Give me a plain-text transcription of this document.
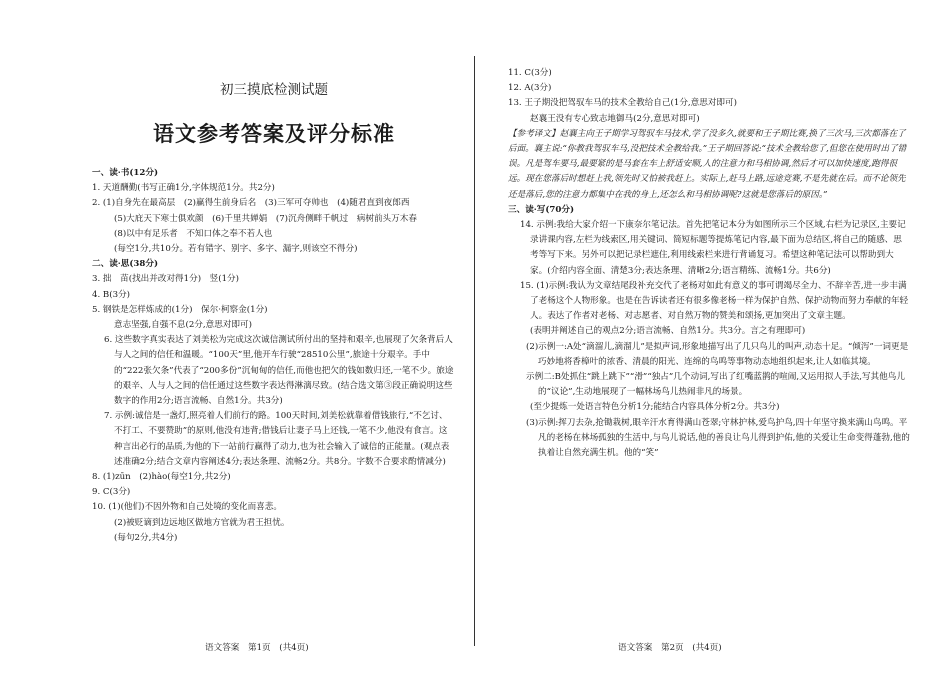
初三摸底检测试题
语文参考答案及评分标准
一、读·书(12分)
1. 天道酬勤(书写正确1分,字体规范1分。共2分)
2. (1)自身先在最高层　(2)赢得生前身后名　(3)三军可夺帅也　(4)随君直到夜郎西
(5)大庇天下寒士俱欢颜　(6)千里共婵娟　(7)沉舟侧畔千帆过　病树前头万木春
(8)以中有足乐者　不知口体之奉不若人也
(每空1分,共10分。若有错字、别字、多字、漏字,则该空不得分)
二、读·思(38分)
3. 拙　苗(找出并改对得1分)　竖(1分)
4. B(3分)
5. 钢铁是怎样炼成的(1分)　保尔·柯察金(1分)
意志坚强,自强不息(2分,意思对即可)
6. 这些数字真实表达了刘美松为完成这次诚信测试所付出的坚持和艰辛,也展现了欠条背后人与人之间的信任和温暖。“100天”里,他开车行驶“28510公里”,旅途十分艰辛。手中的“222张欠条”代表了“200多份”沉甸甸的信任,而他也把欠的钱如数归还,一笔不少。旅途的艰辛、人与人之间的信任通过这些数字表达得淋漓尽致。(结合选文第③段正确说明这些数字的作用2分;语言流畅、自然1分。共3分)
7. 示例:诚信是一盏灯,照亮着人们前行的路。100天时间,刘美松就靠着借钱旅行,“不乞讨、不打工、不要赞助”的原则,他没有违背;借钱后让妻子马上还钱,一笔不少,他没有食言。这种言出必行的品质,为他的下一站前行赢得了动力,也为社会输入了诚信的正能量。(观点表述准确2分;结合文章内容阐述4分;表达条理、流畅2分。共8分。字数不合要求酌情减分)
8. (1)zūn　(2)hào(每空1分,共2分)
9. C(3分)
10. (1)(他们)不因外物和自己处境的变化而喜悲。
(2)被贬谪到边远地区做地方官就为君王担忧。
(每句2分,共4分)
语文答案　第1页　(共4页)
11. C(3分)
12. A(3分)
13. 王子期没把驾驭车马的技术全教给自己(1分,意思对即可)
赵襄王没有专心致志地御马(2分,意思对即可)
【参考译文】赵襄主向王子期学习驾驭车马技术,学了没多久,就要和王子期比赛,换了三次马,三次都落在了后面。襄主说:“你教我驾驭车马,没把技术全教给我。”王子期回答说:“技术全教给您了,但您在使用时出了错误。凡是驾车要马,最要紧的是马套在车上舒适安顺,人的注意力和马相协调,然后才可以加快速度,跑得很远。现在您落后时想赶上我,领先时又怕被我赶上。实际上,赶马上路,远途竞赛,不是先就在后。而不论领先还是落后,您的注意力都集中在我的身上,还怎么和马相协调呢?这就是您落后的原因。”
三、读·写(70分)
14. 示例:我给大家介绍一下康奈尔笔记法。首先把笔记本分为如图所示三个区域,右栏为记录区,主要记录讲课内容,左栏为线索区,用关键词、简短标题等提炼笔记内容,最下面为总结区,将自己的随感、思考等写下来。另外可以把记录栏遮住,利用线索栏来进行背诵复习。希望这种笔记法可以帮助到大家。(介绍内容全面、清楚3分;表达条理、清晰2分;语言精练、流畅1分。共6分)
15. (1)示例:我认为文章结尾段补充交代了老杨对如此有意义的事可谓竭尽全力、不辞辛苦,进一步丰满了老杨这个人物形象。也是在告诉读者还有很多像老杨一样为保护自然、保护动物而努力奉献的年轻人。表达了作者对老杨、对志愿者、对自然万物的赞美和颂扬,更加突出了文章主题。
(表明并阐述自己的观点2分;语言流畅、自然1分。共3分。言之有理即可)
(2)示例一:A处“滴溜儿,滴溜儿”是拟声词,形象地描写出了几只鸟儿的叫声,动态十足。“倾泻”一词更是巧妙地将香樟叶的浓香、清晨的阳光、连绵的鸟鸣等事物动态地组织起来,让人如临其境。
示例二:B处抓住“跳上跳下”“滑”“独占”几个动词,写出了红嘴蓝鹊的喧闹,又运用拟人手法,写其他鸟儿的“议论”,生动地展现了一幅林场鸟儿热闹非凡的场景。
(至少提炼一处语言特色分析1分;能结合内容具体分析2分。共3分)
(3)示例:挥刀去杂,抢锄栽树,眼辛汗水育得满山苍翠;守林护林,爱鸟护鸟,四十年坚守换来满山鸟鸣。平凡的老杨在林场孤独的生活中,与鸟儿说话,他的善良让鸟儿得到护佑,他的关爱让生命变得蓬勃,他的执着让自然充满生机。他的“笑”
语文答案　第2页　(共4页)
